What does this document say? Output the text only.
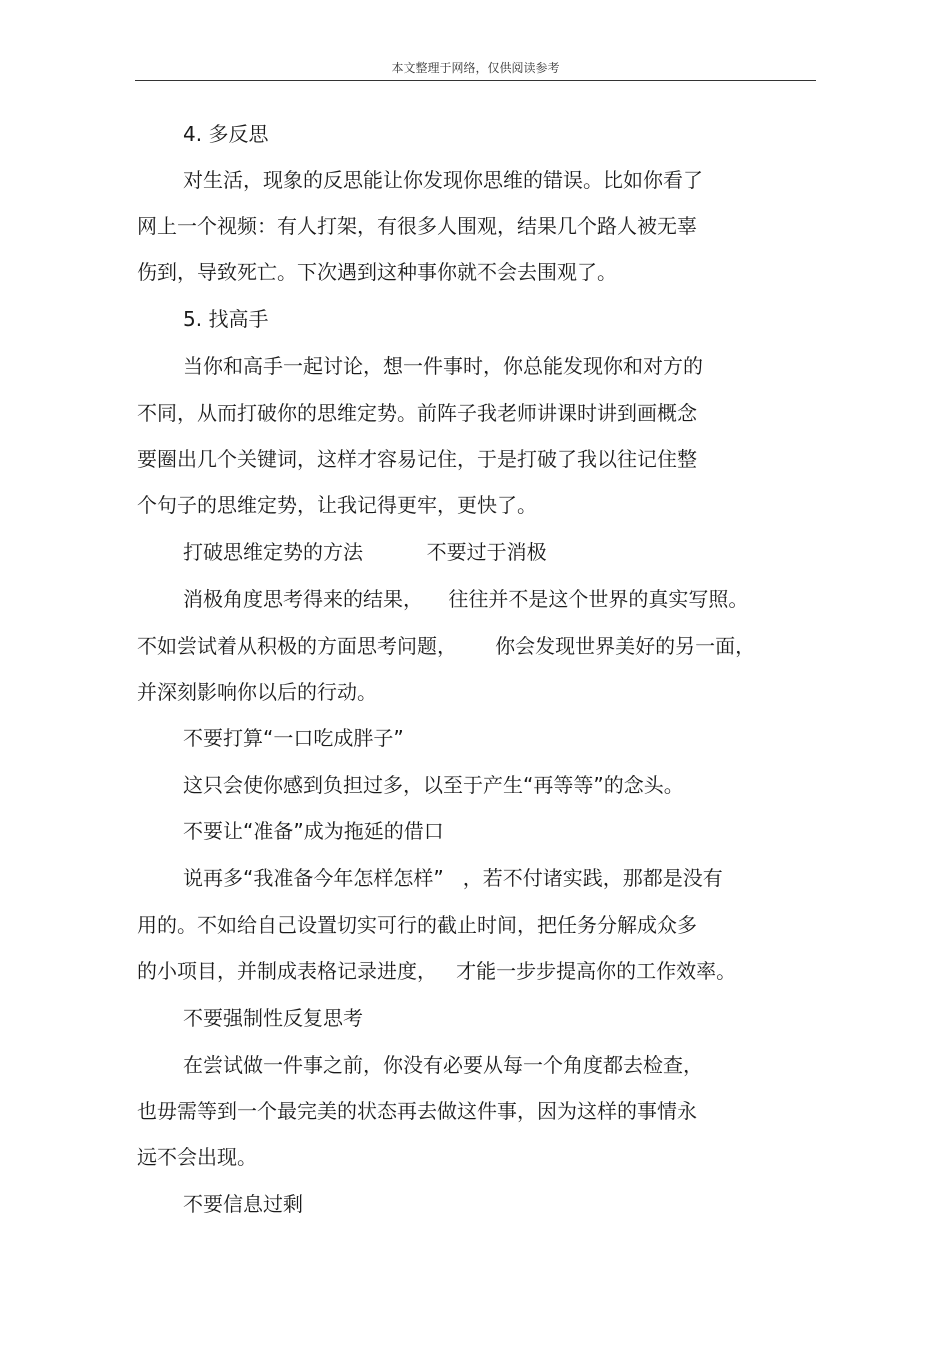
本文整理于网络，仅供阅读参考
4. 多反思
对生活，现象的反思能让你发现你思维的错误。比如你看了
网上一个视频：有人打架，有很多人围观，结果几个路人被无辜
伤到，导致死亡。下次遇到这种事你就不会去围观了。
5. 找高手
当你和高手一起讨论，想一件事时，你总能发现你和对方的
不同，从而打破你的思维定势。前阵子我老师讲课时讲到画概念
要圈出几个关键词，这样才容易记住，于是打破了我以往记住整
个句子的思维定势，让我记得更牢，更快了。
打破思维定势的方法          不要过于消极
消极角度思考得来的结果，    往往并不是这个世界的真实写照。
不如尝试着从积极的方面思考问题，      你会发现世界美好的另一面，
并深刻影响你以后的行动。
不要打算“一口吃成胖子”
这只会使你感到负担过多，以至于产生“再等等”的念头。
不要让“准备”成为拖延的借口
说再多“我准备今年怎样怎样”   ，若不付诸实践，那都是没有
用的。不如给自己设置切实可行的截止时间，把任务分解成众多
的小项目，并制成表格记录进度，   才能一步步提高你的工作效率。
不要强制性反复思考
在尝试做一件事之前，你没有必要从每一个角度都去检查，
也毋需等到一个最完美的状态再去做这件事，因为这样的事情永
远不会出现。
不要信息过剩
